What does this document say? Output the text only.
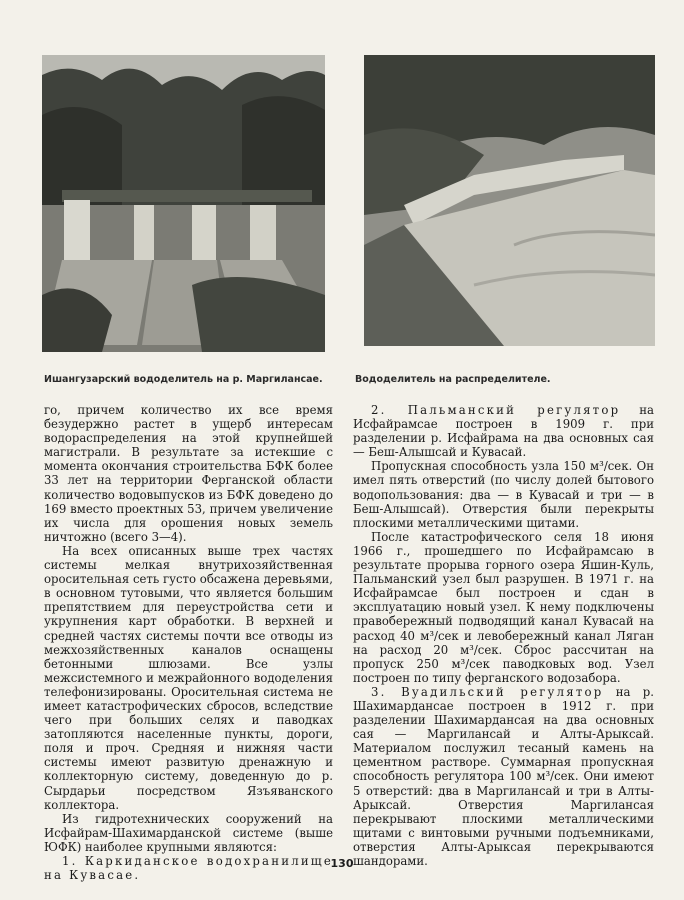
Ишангузарский вододелитель на р. Маргилансае.	Вододелитель на распределителе.

го, причем количество их все время безудержно растет в ущерб интересам водораспределения на этой крупнейшей магистрали. В результате за истекшие с момента окончания строительства БФК более 33 лет на территории Ферганской области количество водовыпусков из БФК доведено до 169 вместо проектных 53, причем увеличение их числа для орошения новых земель ничтожно (всего 3—4).

На всех описанных выше трех частях системы мелкая внутрихозяйственная оросительная сеть густо обсажена деревьями, в основном тутовыми, что является большим препятствием для переустройства сети и укрупнения карт обработки. В верхней и средней частях системы почти все отводы из межхозяйственных каналов оснащены бетонными шлюзами. Все узлы межсистемного и межрайонного вододеления телефонизированы. Оросительная система не имеет катастрофических сбросов, вследствие чего при больших селях и паводках затопляются населенные пункты, дороги, поля и проч. Средняя и нижняя части системы имеют развитую дренажную и коллекторную систему, доведенную до р. Сырдарьи посредством Язъяванского коллектора.

Из гидротехнических сооружений на Исфайрам-Шахимарданской системе (выше ЮФК) наиболее крупными являются:

1. Каркиданское водохранилище на Кувасае.

2. Пальманский регулятор на Исфайрамсае построен в 1909 г. при разделении р. Исфайрама на два основных сая — Беш-Алышсай и Кувасай.

Пропускная способность узла 150 м³/сек. Он имел пять отверстий (по числу долей бытового водопользования: два — в Кувасай и три — в Беш-Алышсай). Отверстия были перекрыты плоскими металлическими щитами.

После катастрофического селя 18 июня 1966 г., прошедшего по Исфайрамсаю в результате прорыва горного озера Яшин-Куль, Пальманский узел был разрушен. В 1971 г. на Исфайрамсае был построен и сдан в эксплуатацию новый узел. К нему подключены правобережный подводящий канал Кувасай на расход 40 м³/сек и левобережный канал Лягaн на расход 20 м³/сек. Сброс рассчитан на пропуск 250 м³/сек паводковых вод. Узел построен по типу ферганского водозабора.

3. Вуадильский регулятор на р. Шахимардансае построен в 1912 г. при разделении Шахимардансая на два основных сая — Маргилансай и Алты-Арыксай. Материалом послужил тесаный камень на цементном растворе. Суммарная пропускная способность регулятора 100 м³/сек. Они имеют 5 отверстий: два в Маргилансай и три в Алты-Арыксай. Отверстия Маргилансая перекрывают плоскими металлическими щитами с винтовыми ручными подъемниками, отверстия Алты-Арыксая перекрываются шандорами.

130
